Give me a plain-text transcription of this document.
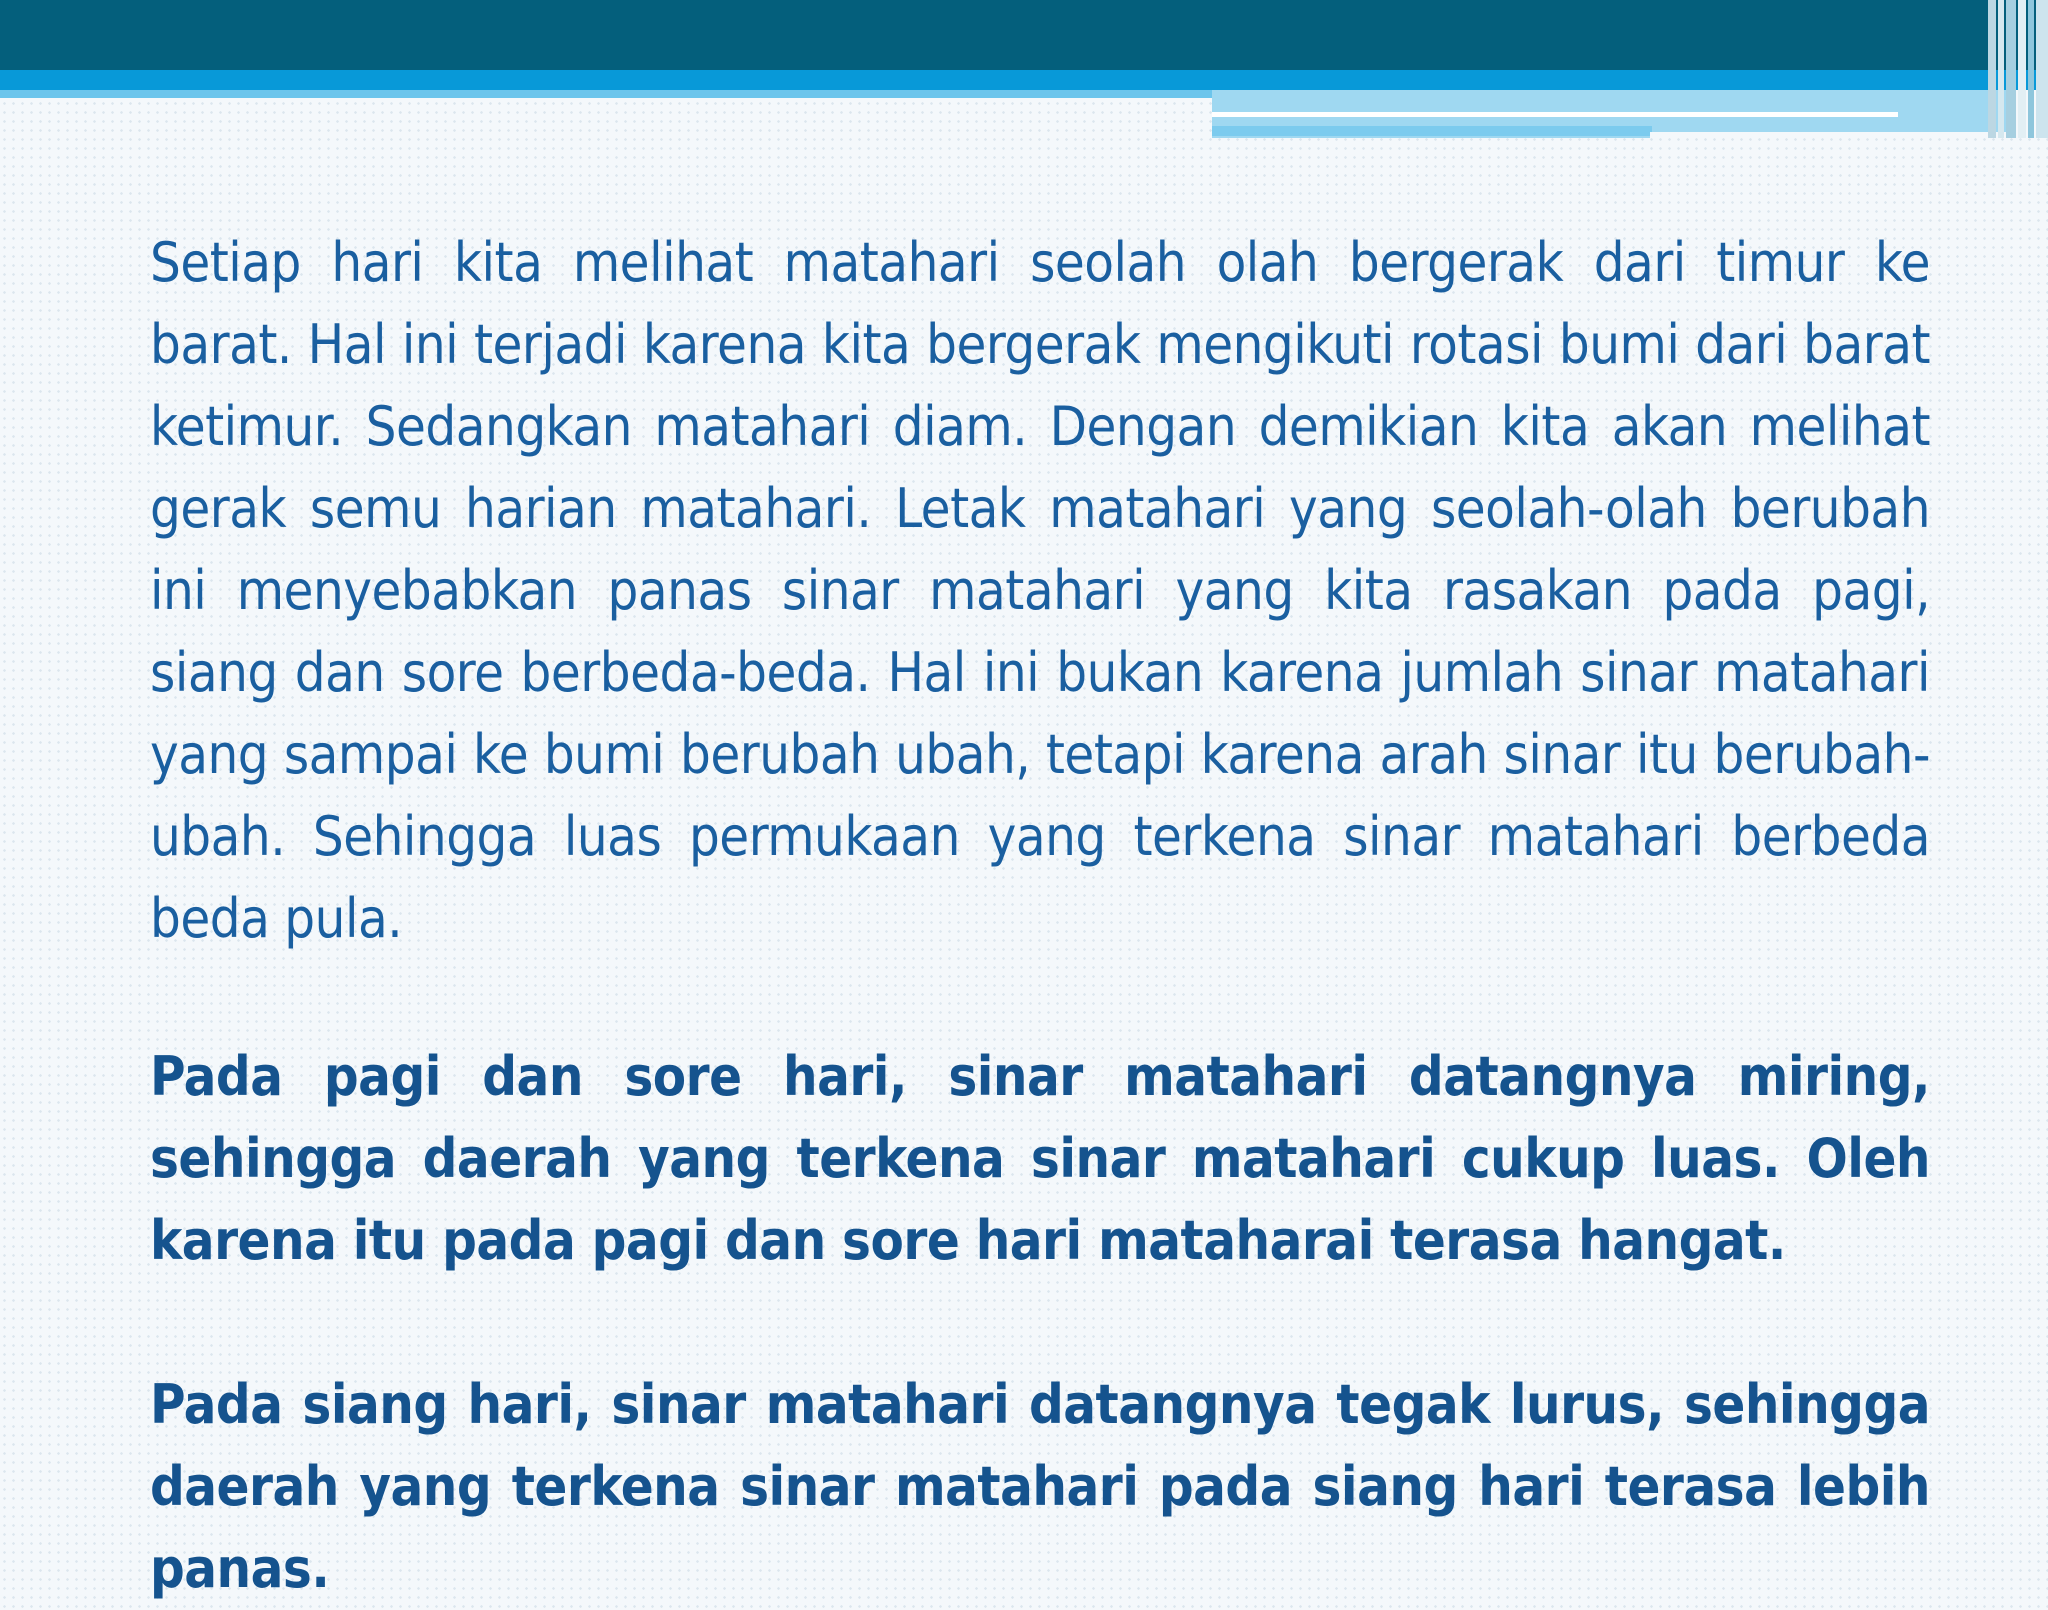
Setiap hari kita melihat matahari seolah olah bergerak dari timur ke barat. Hal ini terjadi karena kita bergerak mengikuti rotasi bumi dari barat ketimur. Sedangkan matahari diam. Dengan demikian kita akan melihat gerak semu harian matahari. Letak matahari yang seolah-olah berubah ini menyebabkan panas sinar matahari yang kita rasakan pada pagi, siang dan sore berbeda-beda. Hal ini bukan karena jumlah sinar matahari yang sampai ke bumi berubah ubah, tetapi karena arah sinar itu berubah-ubah. Sehingga luas permukaan yang terkena sinar matahari berbeda beda pula.

Pada pagi dan sore hari, sinar matahari datangnya miring, sehingga daerah yang terkena sinar matahari cukup luas. Oleh karena itu pada pagi dan sore hari mataharai terasa hangat.

Pada siang hari, sinar matahari datangnya tegak lurus, sehingga daerah yang terkena sinar matahari pada siang hari terasa lebih panas.
